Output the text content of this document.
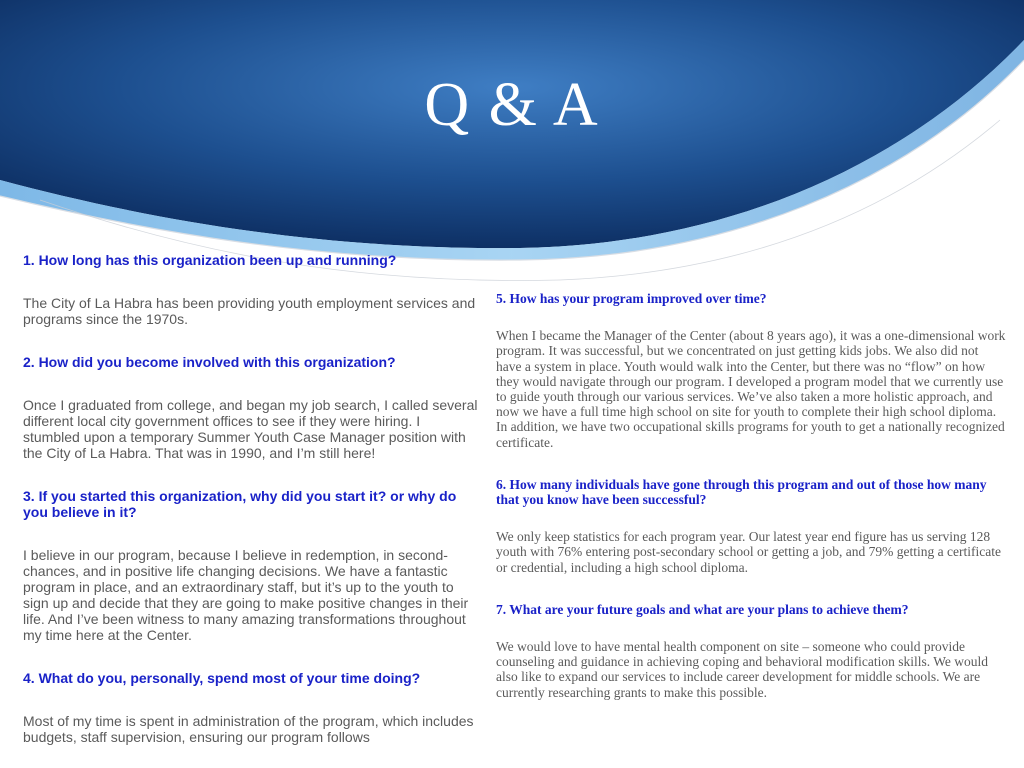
Q & A

1. How long has this organization been up and running?

The City of La Habra has been providing youth employment services and programs since the 1970s.

2. How did you become involved with this organization?

Once I graduated from college, and began my job search, I called several different local city government offices to see if they were hiring. I stumbled upon a temporary Summer Youth Case Manager position with the City of La Habra. That was in 1990, and I’m still here!

3. If you started this organization, why did you start it? or why do you believe in it?

I believe in our program, because I believe in redemption, in second-chances, and in positive life changing decisions. We have a fantastic program in place, and an extraordinary staff, but it’s up to the youth to sign up and decide that they are going to make positive changes in their life. And I’ve been witness to many amazing transformations throughout my time here at the Center.

4. What do you, personally, spend most of your time doing?

Most of my time is spent in administration of the program, which includes budgets, staff supervision, ensuring our program follows

5. How has your program improved over time?

When I became the Manager of the Center (about 8 years ago), it was a one-dimensional work program. It was successful, but we concentrated on just getting kids jobs. We also did not have a system in place. Youth would walk into the Center, but there was no “flow” on how they would navigate through our program. I developed a program model that we currently use to guide youth through our various services. We’ve also taken a more holistic approach, and now we have a full time high school on site for youth to complete their high school diploma. In addition, we have two occupational skills programs for youth to get a nationally recognized certificate.

6. How many individuals have gone through this program and out of those how many that you know have been successful?

We only keep statistics for each program year. Our latest year end figure has us serving 128 youth with 76% entering post-secondary school or getting a job, and 79% getting a certificate or credential, including a high school diploma.

7. What are your future goals and what are your plans to achieve them?

We would love to have mental health component on site – someone who could provide counseling and guidance in achieving coping and behavioral modification skills. We would also like to expand our services to include career development for middle schools. We are currently researching grants to make this possible.
